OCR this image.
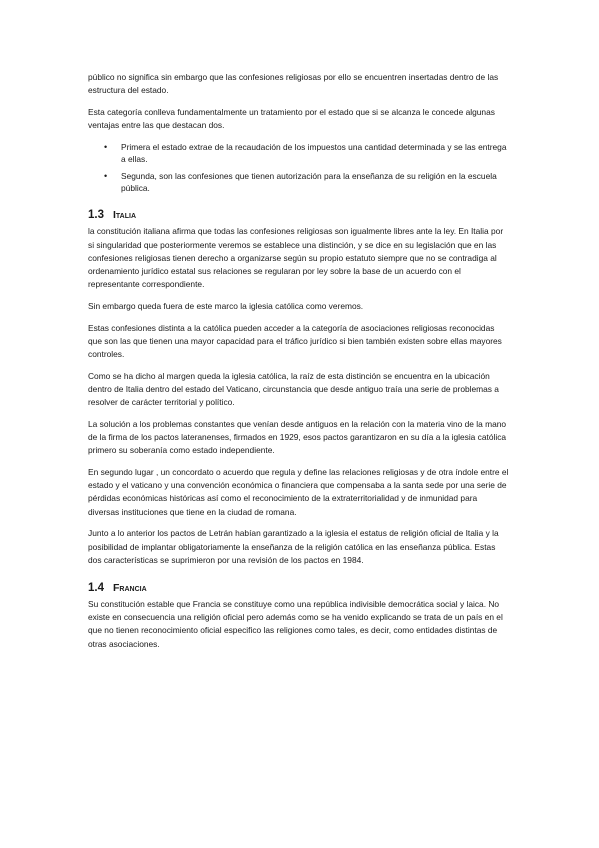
público no significa sin embargo que las confesiones religiosas por ello se encuentren insertadas dentro de las estructura del estado.

Esta categoría conlleva fundamentalmente un tratamiento por el estado que si se alcanza le concede algunas ventajas entre las que destacan dos.

• Primera el estado extrae de la recaudación de los impuestos una cantidad determinada y se las entrega a ellas.
• Segunda, son las confesiones que tienen autorización para la enseñanza de su religión en la escuela pública.
1.3 Italia

la constitución italiana afirma que todas las confesiones religiosas son igualmente libres ante la ley. En Italia por si singularidad que posteriormente veremos se establece una distinción, y se dice en su legislación que en las confesiones religiosas tienen derecho a organizarse según su propio estatuto siempre que no se contradiga al ordenamiento jurídico estatal sus relaciones se regularan por ley sobre la base de un acuerdo con el representante correspondiente.

Sin embargo queda fuera de este marco la iglesia católica como veremos.

Estas confesiones distinta a la católica pueden acceder a la categoría de asociaciones religiosas reconocidas que son las que tienen una mayor capacidad para el tráfico jurídico si bien también existen sobre ellas mayores controles.

Como se ha dicho al margen queda la iglesia católica, la raíz de esta distinción se encuentra en la ubicación dentro de Italia dentro del estado del Vaticano, circunstancia que desde antiguo traía una serie de problemas a resolver de carácter territorial y político.

La solución a los problemas constantes que venían desde antiguos en la relación con la materia vino de la mano de la firma de los pactos lateranenses, firmados en 1929, esos pactos garantizaron en su día a la iglesia católica primero su soberanía como estado independiente.

En segundo lugar , un concordato o acuerdo que regula y define las relaciones religiosas y de otra índole entre el estado y el vaticano y una convención económica o financiera que compensaba a la santa sede por una serie de pérdidas económicas históricas así como el reconocimiento de la extraterritorialidad y de inmunidad para diversas instituciones que tiene en la ciudad de romana.

Junto a lo anterior los pactos de Letrán habían garantizado a la iglesia el estatus de religión oficial de Italia y la posibilidad de implantar obligatoriamente la enseñanza de la religión católica en las enseñanza pública. Estas dos características se suprimieron por una revisión de los pactos en 1984.

1.4 Francia

Su constitución estable que Francia se constituye como una república indivisible democrática social y laica. No existe en consecuencia una religión oficial pero además como se ha venido explicando se trata de un país en el que no tienen reconocimiento oficial especifico las religiones como tales, es decir, como entidades distintas de otras asociaciones.
